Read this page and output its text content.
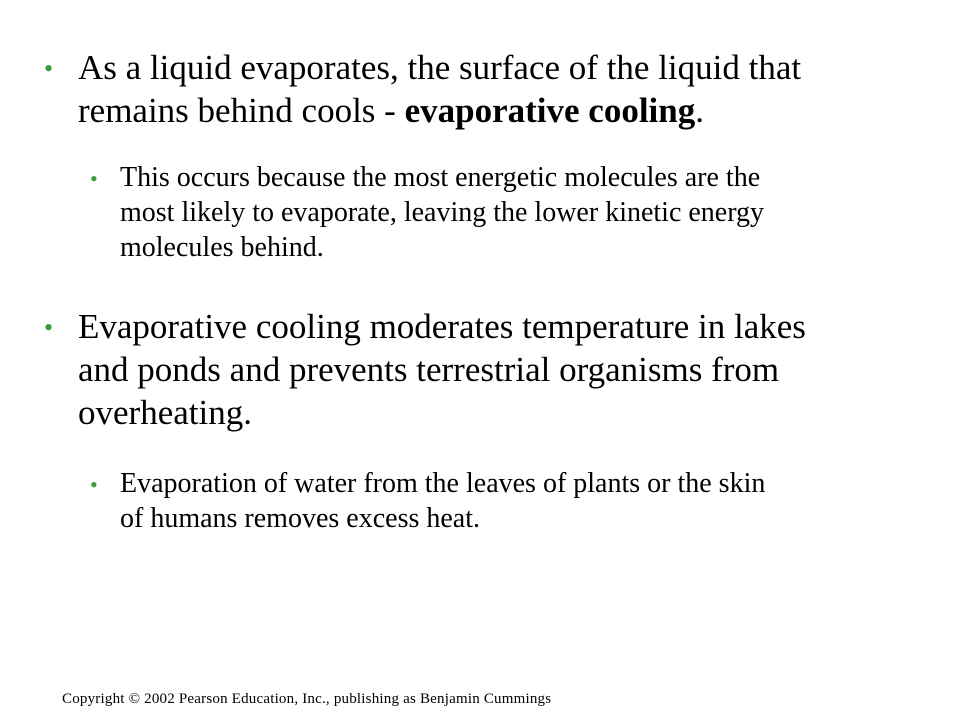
• As a liquid evaporates, the surface of the liquid that
remains behind cools - evaporative cooling.
• This occurs because the most energetic molecules are the
most likely to evaporate, leaving the lower kinetic energy
molecules behind.
• Evaporative cooling moderates temperature in lakes
and ponds and prevents terrestrial organisms from
overheating.
• Evaporation of water from the leaves of plants or the skin
of humans removes excess heat.
Copyright © 2002 Pearson Education, Inc., publishing as Benjamin Cummings
